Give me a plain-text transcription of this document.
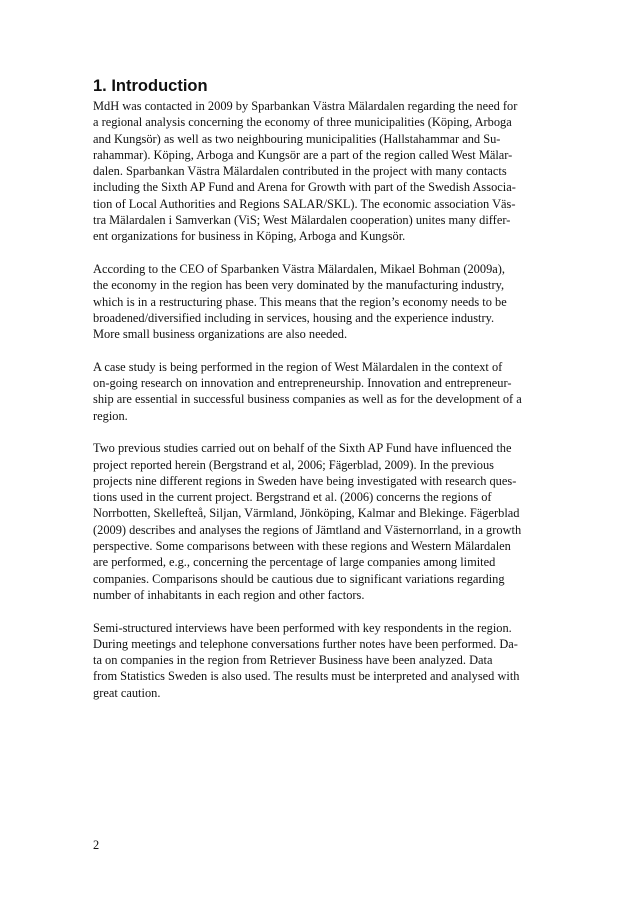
1. Introduction

MdH was contacted in 2009 by Sparbankan Västra Mälardalen regarding the need for
a regional analysis concerning the economy of three municipalities (Köping, Arboga
and Kungsör) as well as two neighbouring municipalities (Hallstahammar and Su-
rahammar). Köping, Arboga and Kungsör are a part of the region called West Mälar-
dalen. Sparbankan Västra Mälardalen contributed in the project with many contacts
including the Sixth AP Fund and Arena for Growth with part of the Swedish Associa-
tion of Local Authorities and Regions SALAR/SKL). The economic association Väs-
tra Mälardalen i Samverkan (ViS; West Mälardalen cooperation) unites many differ-
ent organizations for business in Köping, Arboga and Kungsör.

According to the CEO of Sparbanken Västra Mälardalen, Mikael Bohman (2009a),
the economy in the region has been very dominated by the manufacturing industry,
which is in a restructuring phase. This means that the region’s economy needs to be
broadened/diversified including in services, housing and the experience industry.
More small business organizations are also needed.

A case study is being performed in the region of West Mälardalen in the context of
on-going research on innovation and entrepreneurship. Innovation and entrepreneur-
ship are essential in successful business companies as well as for the development of a
region.

Two previous studies carried out on behalf of the Sixth AP Fund have influenced the
project reported herein (Bergstrand et al, 2006; Fägerblad, 2009). In the previous
projects nine different regions in Sweden have being investigated with research ques-
tions used in the current project. Bergstrand et al. (2006) concerns the regions of
Norrbotten, Skellefteå, Siljan, Värmland, Jönköping, Kalmar and Blekinge. Fägerblad
(2009) describes and analyses the regions of Jämtland and Västernorrland, in a growth
perspective. Some comparisons between with these regions and Western Mälardalen
are performed, e.g., concerning the percentage of large companies among limited
companies. Comparisons should be cautious due to significant variations regarding
number of inhabitants in each region and other factors.

Semi-structured interviews have been performed with key respondents in the region.
During meetings and telephone conversations further notes have been performed. Da-
ta on companies in the region from Retriever Business have been analyzed. Data
from Statistics Sweden is also used. The results must be interpreted and analysed with
great caution.

2
